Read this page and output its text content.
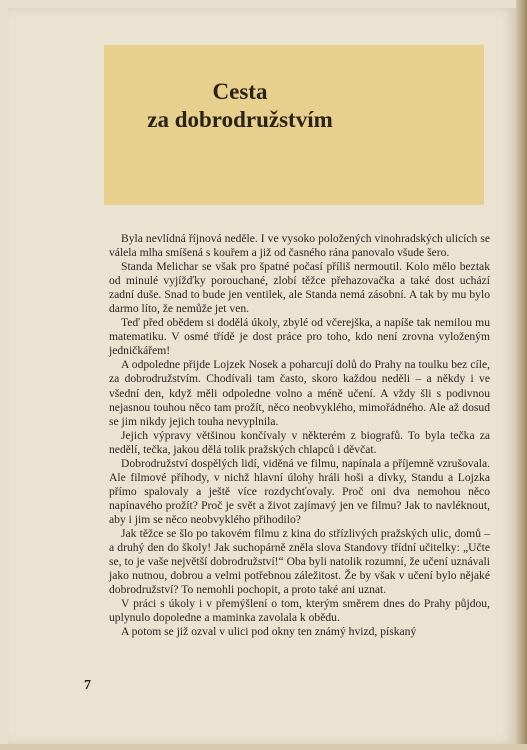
Cesta
za dobrodružstvím

Byla nevlídná říjnová neděle. I ve vysoko položených vinohradských ulicích se válela mlha smíšená s kouřem a již od časného rána panovalo všude šero.

Standa Melichar se však pro špatné počasí příliš nermoutil. Kolo mělo beztak od minulé vyjížďky porouchané, zlobí těžce přehazovačka a také dost uchází zadní duše. Snad to bude jen ventilek, ale Standa nemá zásobní. A tak by mu bylo darmo líto, že nemůže jet ven.

Teď před obědem si dodělá úkoly, zbylé od včerejška, a napíše tak nemilou mu matematiku. V osmé třídě je dost práce pro toho, kdo není zrovna vyloženým jedničkářem!

A odpoledne přijde Lojzek Nosek a poharcují dolů do Prahy na toulku bez cíle, za dobrodružstvím. Chodívali tam často, skoro každou neděli – a někdy i ve všední den, když měli odpoledne volno a méně učení. A vždy šli s podivnou nejasnou touhou něco tam prožít, něco neobvyklého, mimořádného. Ale až dosud se jim nikdy jejich touha nevyplnila.

Jejich výpravy většinou končívaly v některém z biografů. To byla tečka za nedělí, tečka, jakou dělá tolik pražských chlapců i děvčat.

Dobrodružství dospělých lidí, viděná ve filmu, napínala a příjemně vzrušovala. Ale filmové příhody, v nichž hlavní úlohy hráli hoši a dívky, Standu a Lojzka přímo spalovaly a ještě více rozdychťovaly. Proč oni dva nemohou něco napínavého prožít? Proč je svět a život zajímavý jen ve filmu? Jak to navléknout, aby i jim se něco neobvyklého přihodilo?

Jak těžce se šlo po takovém filmu z kina do střízlivých pražských ulic, domů – a druhý den do školy! Jak suchopárně zněla slova Standovy třídní učitelky: „Učte se, to je vaše největší dobrodružství!“ Oba byli natolik rozumní, že učení uznávali jako nutnou, dobrou a velmi potřebnou záležitost. Že by však v učení bylo nějaké dobrodružství? To nemohli pochopit, a proto také ani uznat.

V práci s úkoly i v přemýšlení o tom, kterým směrem dnes do Prahy půjdou, uplynulo dopoledne a maminka zavolala k obědu.

A potom se již ozval v ulici pod okny ten známý hvizd, pískaný

7
